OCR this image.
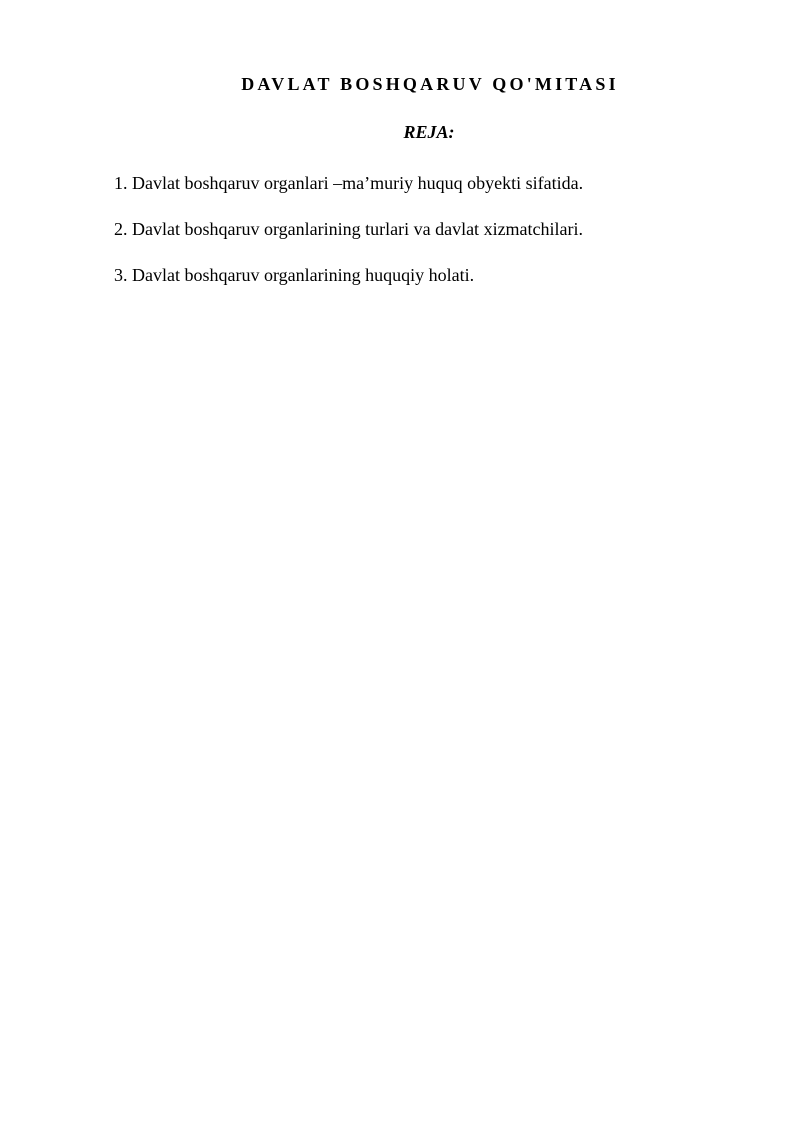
DAVLAT BOSHQARUV QO'MITASI
REJA:
1. Davlat boshqaruv organlari –ma’muriy huquq obyekti sifatida.
2. Davlat boshqaruv organlarining turlari va davlat xizmatchilari.
3. Davlat boshqaruv organlarining huquqiy holati.
